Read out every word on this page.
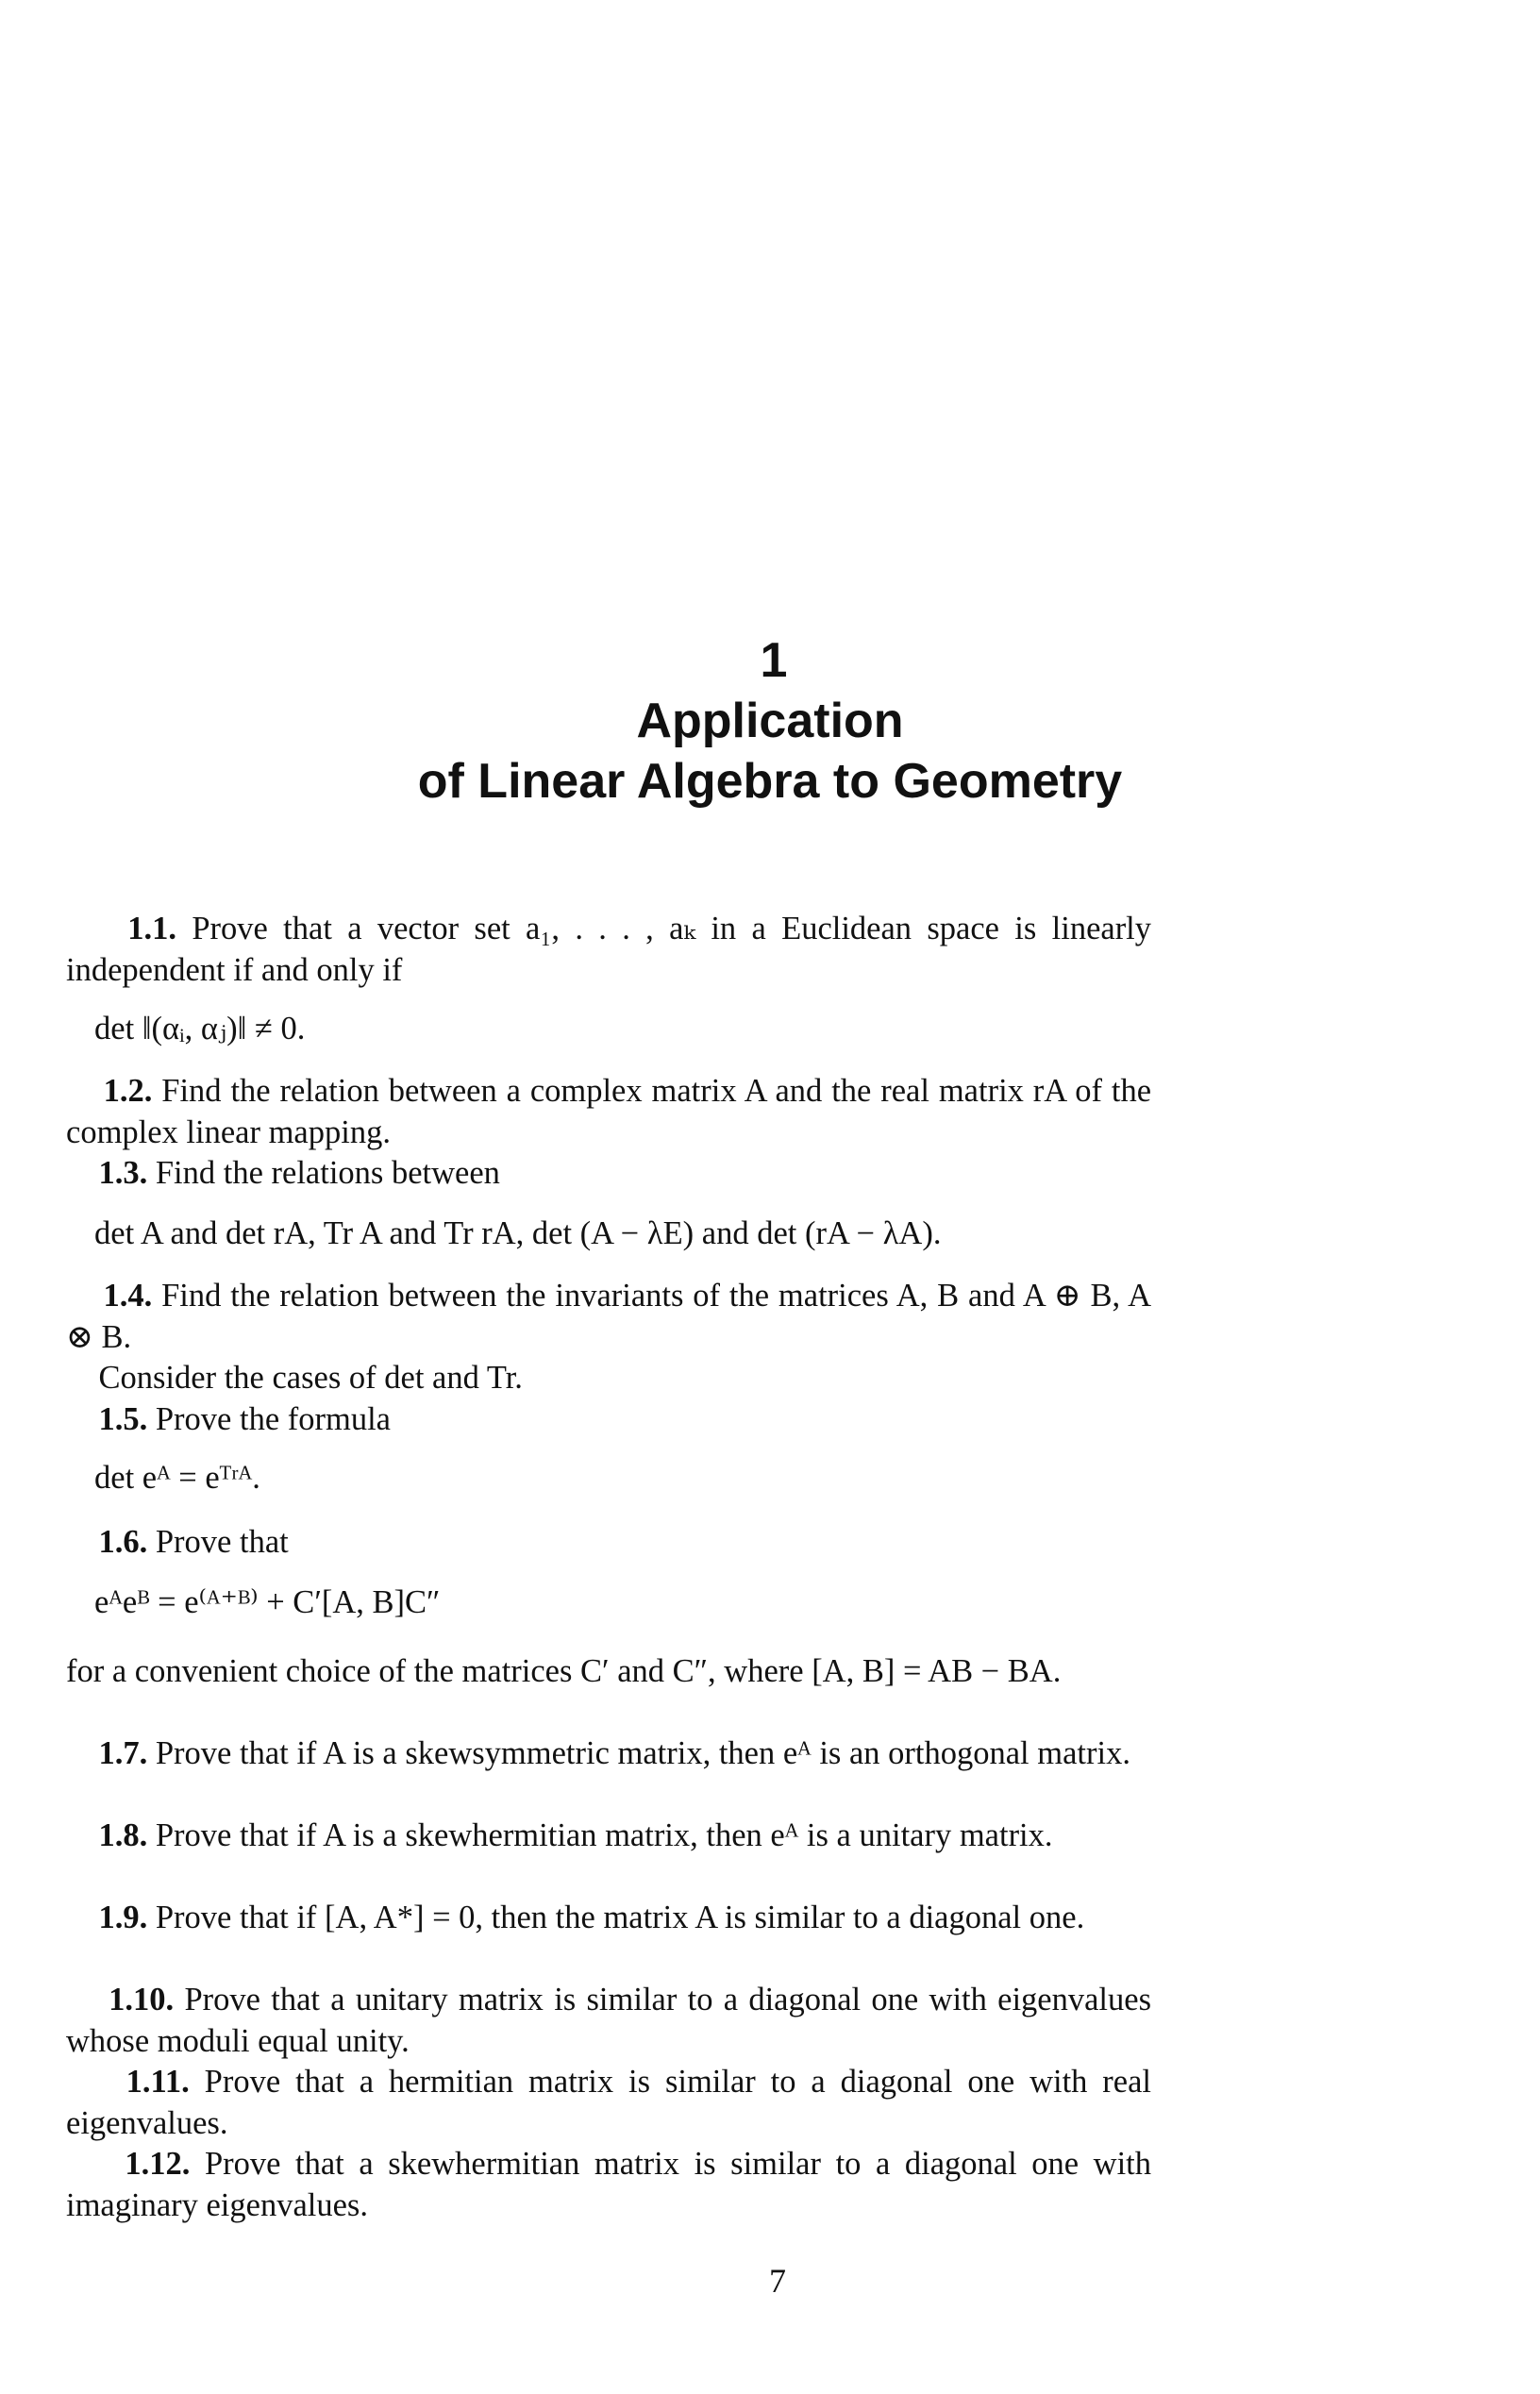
1
Application
of Linear Algebra to Geometry
1.1. Prove that a vector set a₁, . . . , aₖ in a Euclidean space is linearly independent if and only if
det ‖(αᵢ, αⱼ)‖ ≠ 0.
1.2. Find the relation between a complex matrix A and the real matrix rA of the complex linear mapping.
1.3. Find the relations between
det A and det rA, Tr A and Tr rA, det (A − λE) and det (rA − λA).
1.4. Find the relation between the invariants of the matrices A, B and A ⊕ B, A ⊗ B.
Consider the cases of det and Tr.
1.5. Prove the formula
det eᴬ = eᵀʳᴬ.
1.6. Prove that
eᴬeᴮ = e⁽ᴬ⁺ᴮ⁾ + C′[A, B]C″
for a convenient choice of the matrices C′ and C″, where [A, B] = AB − BA.
1.7. Prove that if A is a skewsymmetric matrix, then eᴬ is an orthogonal matrix.
1.8. Prove that if A is a skewhermitian matrix, then eᴬ is a unitary matrix.
1.9. Prove that if [A, A*] = 0, then the matrix A is similar to a diagonal one.
1.10. Prove that a unitary matrix is similar to a diagonal one with eigenvalues whose moduli equal unity.
1.11. Prove that a hermitian matrix is similar to a diagonal one with real eigenvalues.
1.12. Prove that a skewhermitian matrix is similar to a diagonal one with imaginary eigenvalues.
7
